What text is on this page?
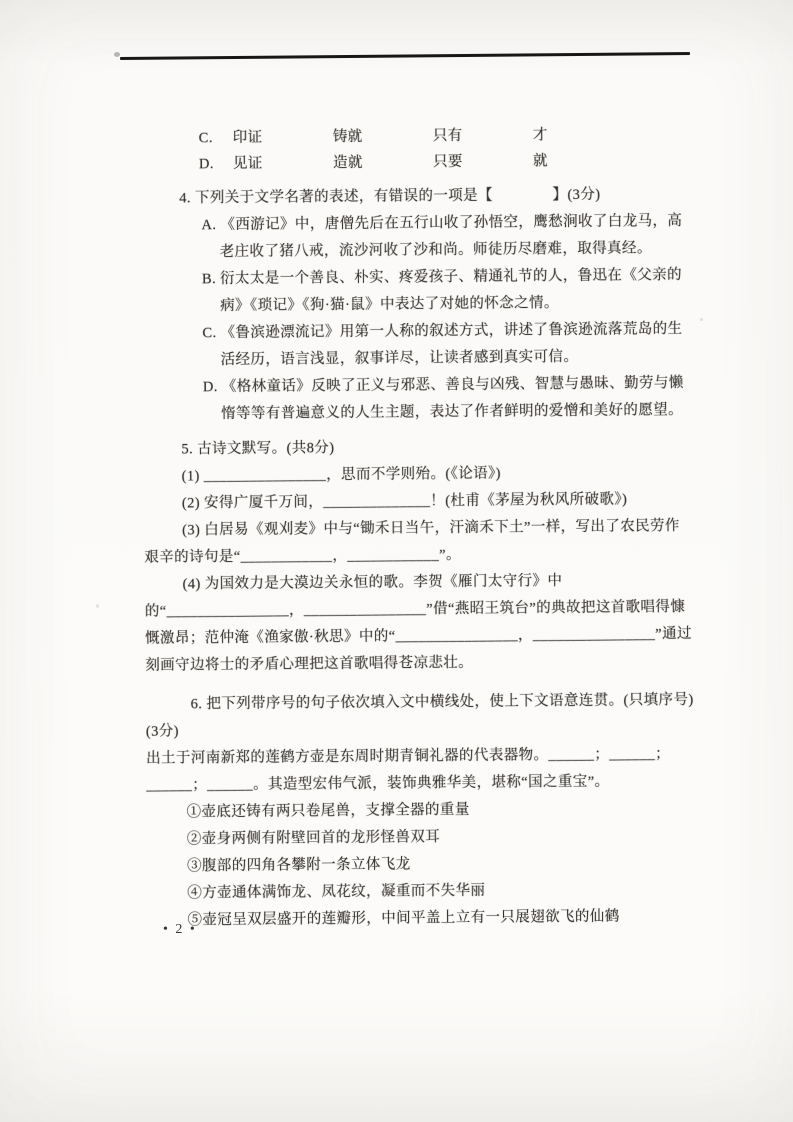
C. 印证	铸就	只有	才
D. 见证	造就	只要	就

4. 下列关于文学名著的表述，有错误的一项是【　　　　】(3分)

A. 《西游记》中，唐僧先后在五行山收了孙悟空，鹰愁涧收了白龙马，高老庄收了猪八戒，流沙河收了沙和尚。师徒历尽磨难，取得真经。

B. 衍太太是一个善良、朴实、疼爱孩子、精通礼节的人，鲁迅在《父亲的病》《琐记》《狗·猫·鼠》中表达了对她的怀念之情。

C. 《鲁滨逊漂流记》用第一人称的叙述方式，讲述了鲁滨逊流落荒岛的生活经历，语言浅显，叙事详尽，让读者感到真实可信。

D. 《格林童话》反映了正义与邪恶、善良与凶残、智慧与愚昧、勤劳与懒惰等等有普遍意义的人生主题，表达了作者鲜明的爱憎和美好的愿望。

5. 古诗文默写。(共8分)

(1) ________________，思而不学则殆。(《论语》)

(2) 安得广厦千万间，______________！(杜甫《茅屋为秋风所破歌》)

(3) 白居易《观刈麦》中与“锄禾日当午，汗滴禾下土”一样，写出了农民劳作艰辛的诗句是“____________，____________”。

(4) 为国效力是大漠边关永恒的歌。李贺《雁门太守行》中的“________________，________________”借“燕昭王筑台”的典故把这首歌唱得慷慨激昂；范仲淹《渔家傲·秋思》中的“________________，________________”通过刻画守边将士的矛盾心理把这首歌唱得苍凉悲壮。

6. 把下列带序号的句子依次填入文中横线处，使上下文语意连贯。(只填序号)(3分)

出土于河南新郑的莲鹤方壶是东周时期青铜礼器的代表器物。______；______；______；______。其造型宏伟气派，装饰典雅华美，堪称“国之重宝”。

①壶底还铸有两只卷尾兽，支撑全器的重量

②壶身两侧有附壁回首的龙形怪兽双耳

③腹部的四角各攀附一条立体飞龙

④方壶通体满饰龙、凤花纹，凝重而不失华丽

⑤壶冠呈双层盛开的莲瓣形，中间平盖上立有一只展翅欲飞的仙鹤

• 2 •
